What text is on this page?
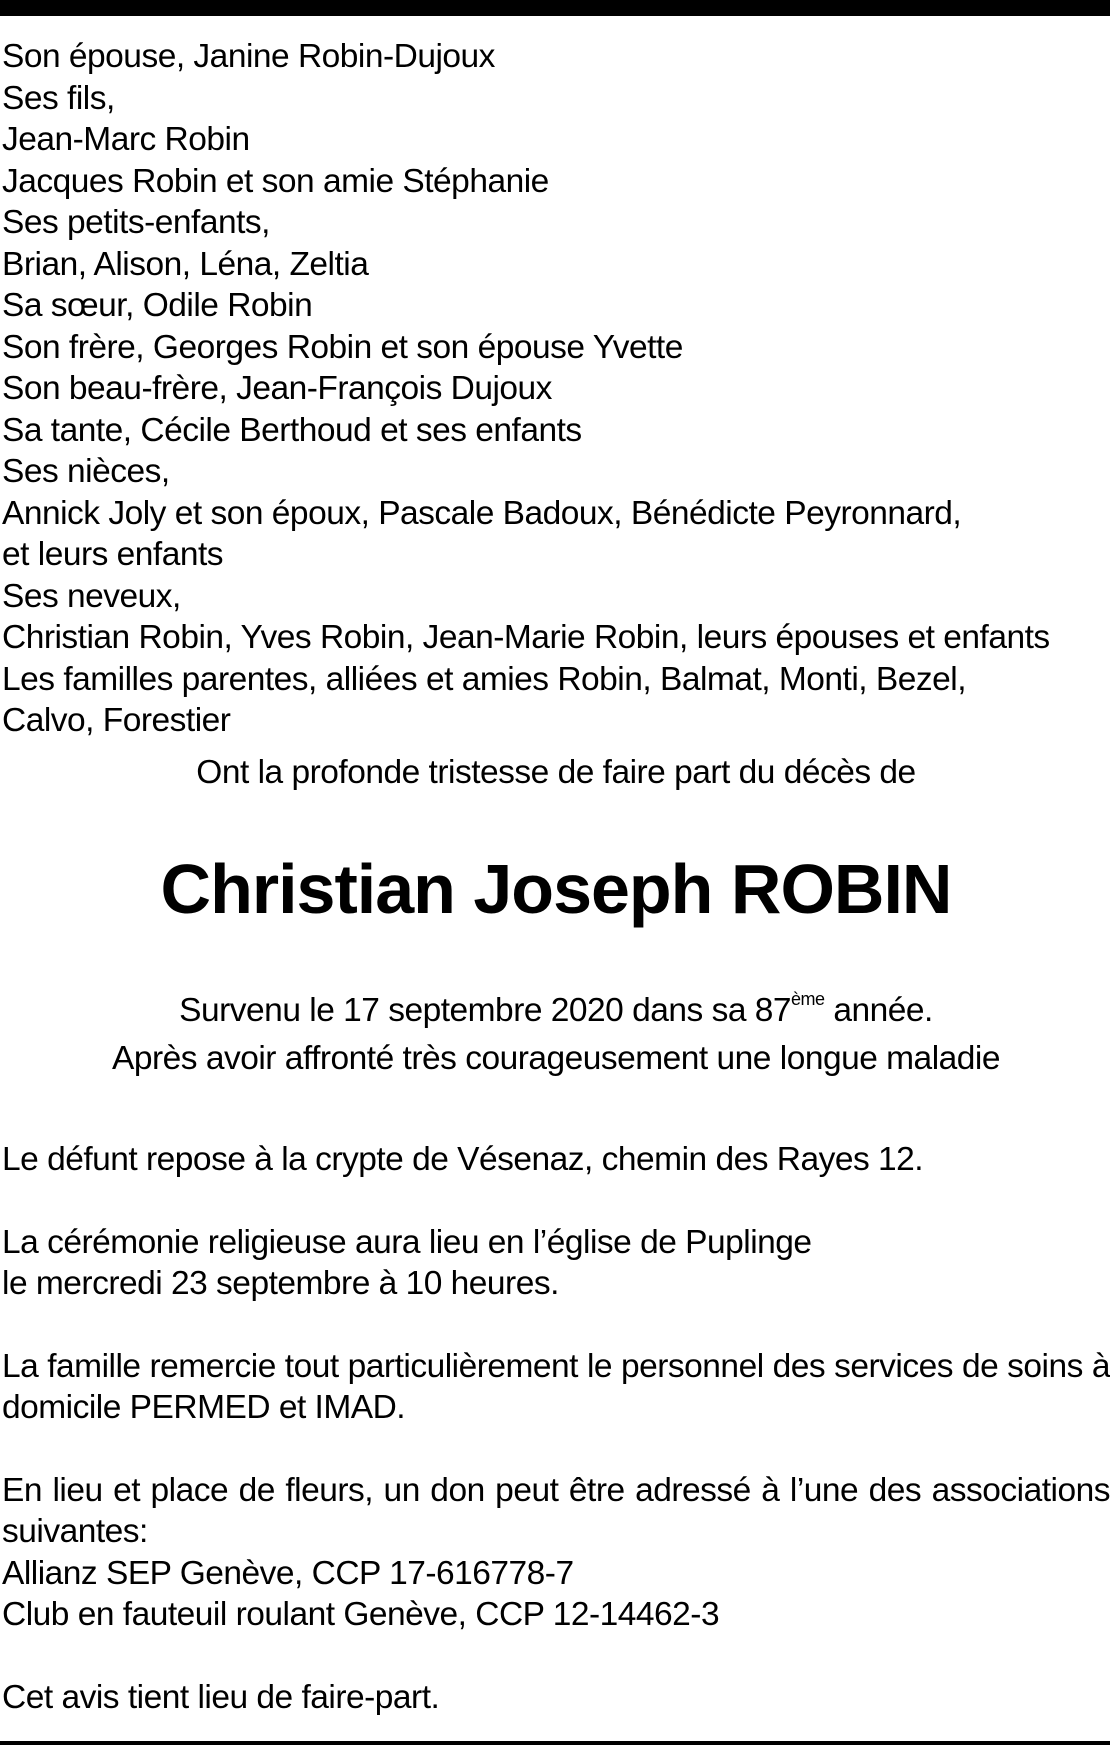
Son épouse, Janine Robin-Dujoux
Ses fils,
Jean-Marc Robin
Jacques Robin et son amie Stéphanie
Ses petits-enfants,
Brian, Alison, Léna, Zeltia
Sa sœur, Odile Robin
Son frère, Georges Robin et son épouse Yvette
Son beau-frère, Jean-François Dujoux
Sa tante, Cécile Berthoud et ses enfants
Ses nièces,
Annick Joly et son époux, Pascale Badoux, Bénédicte Peyronnard,
et leurs enfants
Ses neveux,
Christian Robin, Yves Robin, Jean-Marie Robin, leurs épouses et enfants
Les familles parentes, alliées et amies Robin, Balmat, Monti, Bezel,
Calvo, Forestier
Ont la profonde tristesse de faire part du décès de
Christian Joseph ROBIN
Survenu le 17 septembre 2020 dans sa 87ème année.
Après avoir affronté très courageusement une longue maladie
Le défunt repose à la crypte de Vésenaz, chemin des Rayes 12.
La cérémonie religieuse aura lieu en l’église de Puplinge
le mercredi 23 septembre à 10 heures.
La famille remercie tout particulièrement le personnel des services de soins à domicile PERMED et IMAD.
En lieu et place de fleurs, un don peut être adressé à l’une des associations suivantes:
Allianz SEP Genève, CCP 17-616778-7
Club en fauteuil roulant Genève, CCP 12-14462-3
Cet avis tient lieu de faire-part.
